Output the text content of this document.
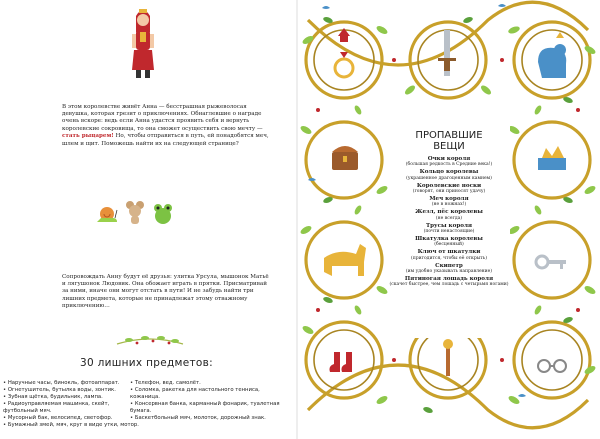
В этом королевстве живёт Анна — бесстрашная рыжеволосая девушка, которая грезит о приключениях. Обнаглевшие о награде очень вскоре: ведь если Анна удастся проявить себя и вернуть королевские сокровища, то она сможет осуществить свою мечту — стать рыцарем! Но, чтобы отправиться в путь, ей понадобятся меч, шлем и щит. Поможешь найти их на следующей странице?

Сопровождать Анну будут её друзья: улитка Урсула, мышонок Матьё и лягушонок Людовик. Она обожает играть в прятки. Присматривай за ними, иначе они могут отстать в пути! И не забудь найти три лишних предмета, которые не принадлежат этому отважному приключению…

30 лишних предметов:
• Наручные часы, бинокль, фотоаппарат.
• Огнетушитель, бутылка воды, зонтик.
• Зубная щётка, будильник, лампа.
• Радиоуправляемая машинка, скейт, футбольный мяч.
• Мусорный бак, велосипед, светофор.
• Бумажный змей, мяч, круг в виде утки, мотор.
• Телефон, вед. самолёт.
• Соломка, ракетка для настольного тенниса, кожаница.
• Консервная банка, карманный фонарик, туалетная бумага.
• Баскетбольный мяч, молоток, дорожный знак.
ПРОПАВШИЕ
ВЕЩИ
Очки короля
(большая редкость в Средние века!)
Кольцо королевы
(украшенное драгоценным камнем)
Королевские носки
(говорят, они приносят удачу)
Меч короля
(не в ножнах!)
Жезл, пёс королевы
(не всегда)
Трусы короля
(почти ненастоящие)
Шкатулка королевы
(бесценный)
Ключ от шкатулки
(пригодится, чтобы её открыть)
Скипетр
(им удобно указывать направление)
Пятиногая лошадь короля
(скачет быстрее, чем лошадь с четырьмя ногами)
